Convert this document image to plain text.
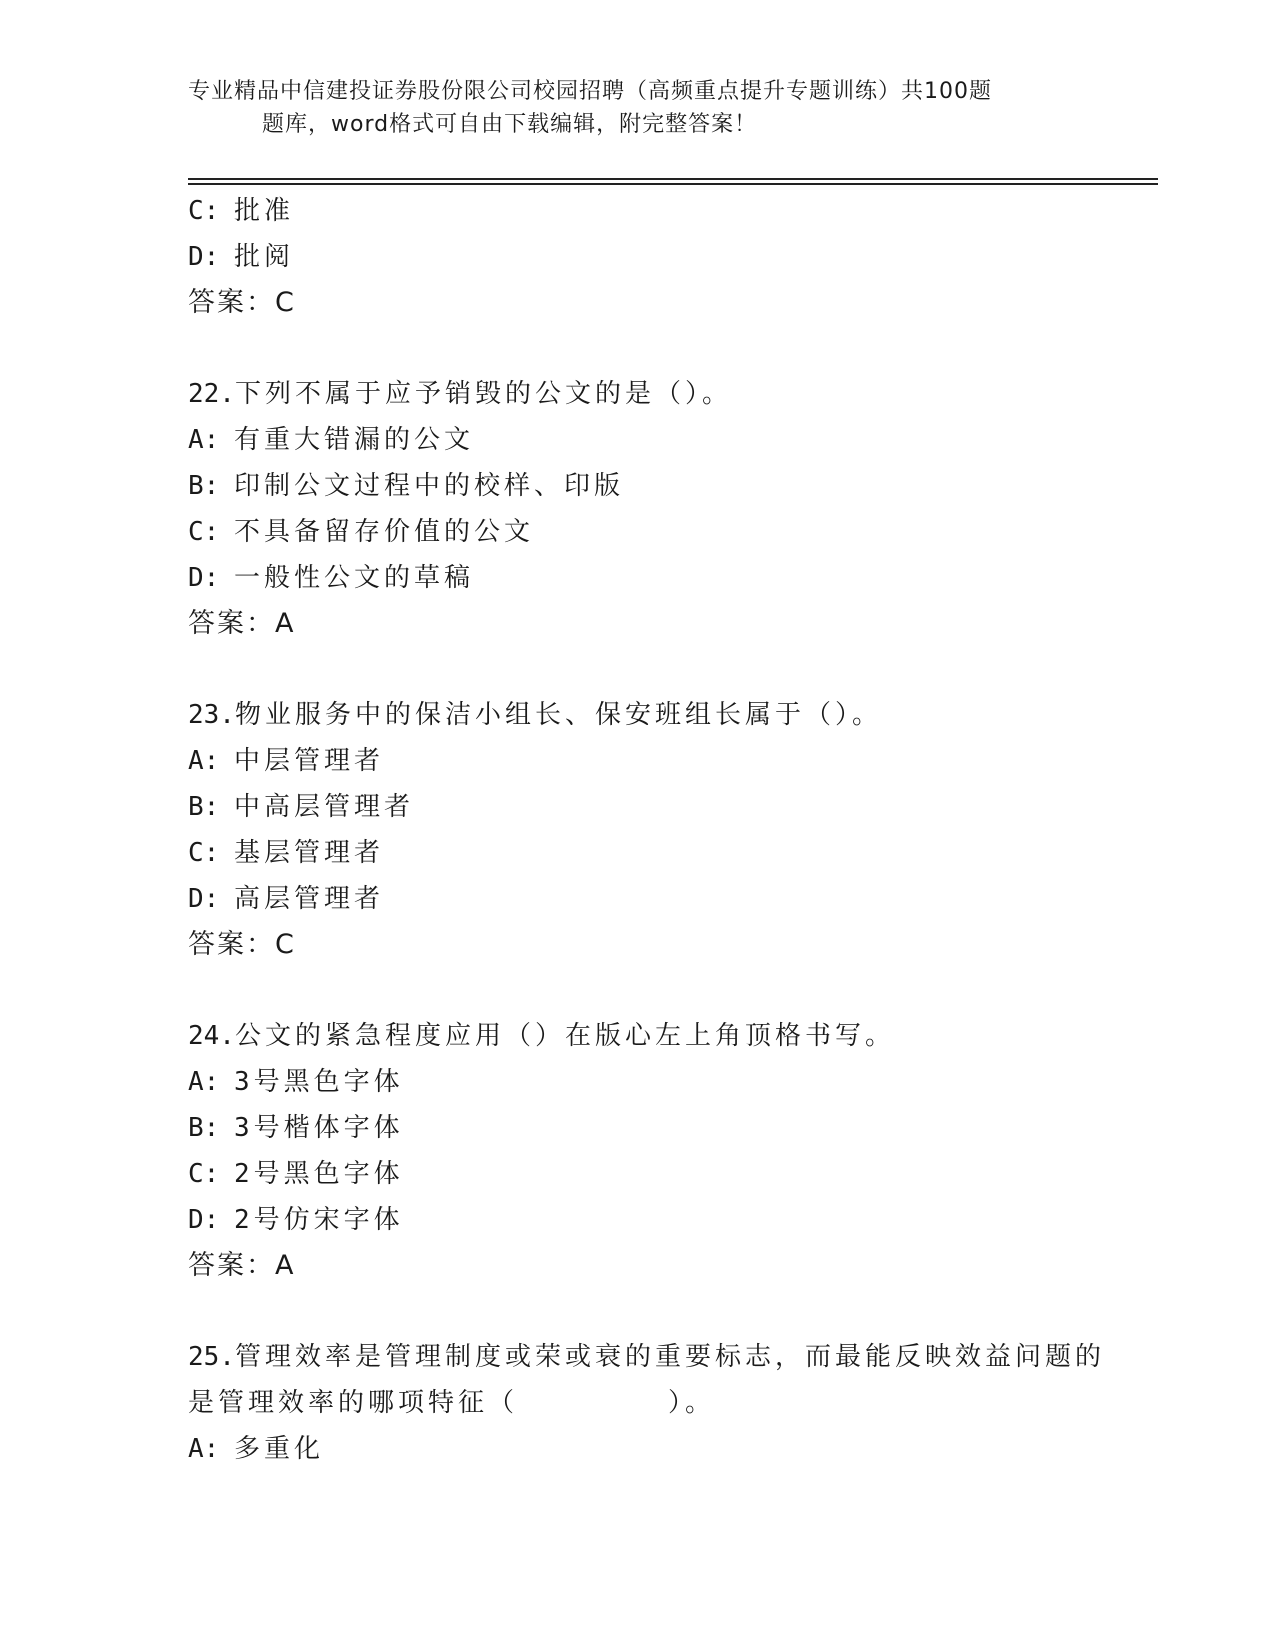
专业精品中信建投证券股份限公司校园招聘（高频重点提升专题训练）共100题
题库，word格式可自由下载编辑，附完整答案！
C: 批准
D: 批阅
答案：C
22.下列不属于应予销毁的公文的是（）。
A: 有重大错漏的公文
B: 印制公文过程中的校样、印版
C: 不具备留存价值的公文
D: 一般性公文的草稿
答案：A
23.物业服务中的保洁小组长、保安班组长属于（）。
A: 中层管理者
B: 中高层管理者
C: 基层管理者
D: 高层管理者
答案：C
24.公文的紧急程度应用（）在版心左上角顶格书写。
A: 3号黑色字体
B: 3号楷体字体
C: 2号黑色字体
D: 2号仿宋字体
答案：A
25.管理效率是管理制度或荣或衰的重要标志，而最能反映效益问题的
是管理效率的哪项特征（　　　　　）。
A: 多重化
